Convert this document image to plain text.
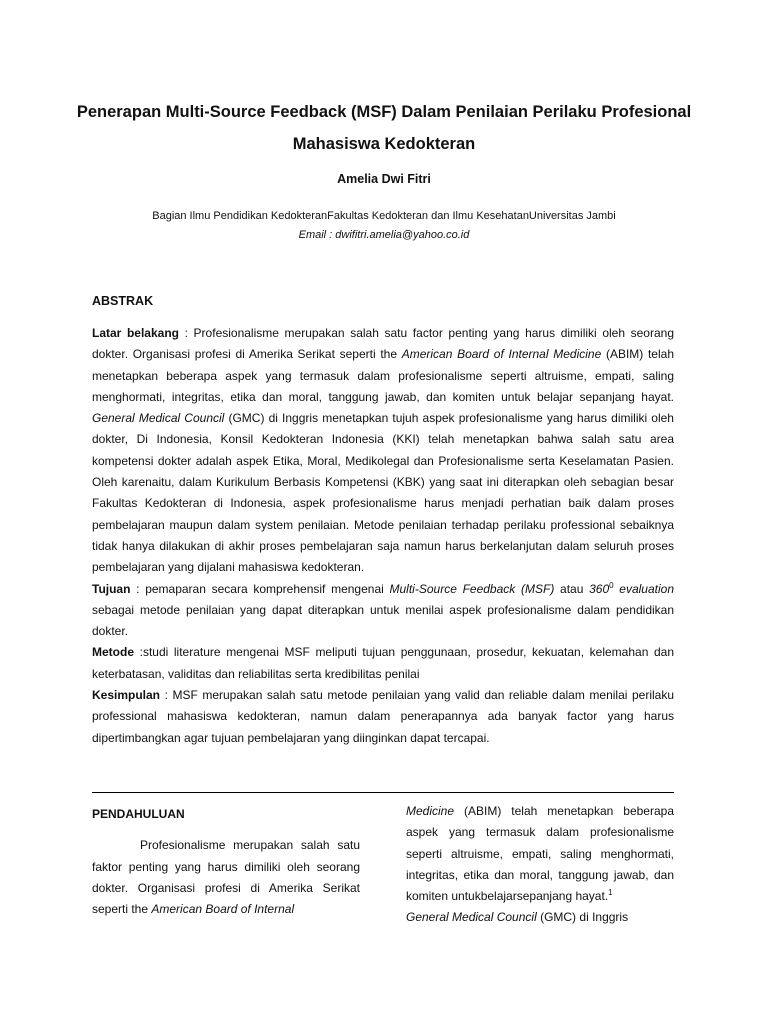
Penerapan Multi-Source Feedback (MSF) Dalam Penilaian Perilaku Profesional Mahasiswa Kedokteran
Amelia Dwi Fitri
Bagian Ilmu Pendidikan KedokteranFakultas Kedokteran dan Ilmu KesehatanUniversitas Jambi
Email : dwifitri.amelia@yahoo.co.id
ABSTRAK

Latar belakang : Profesionalisme merupakan salah satu factor penting yang harus dimiliki oleh seorang dokter. Organisasi profesi di Amerika Serikat seperti the American Board of Internal Medicine (ABIM) telah menetapkan beberapa aspek yang termasuk dalam profesionalisme seperti altruisme, empati, saling menghormati, integritas, etika dan moral, tanggung jawab, dan komiten untuk belajar sepanjang hayat. General Medical Council (GMC) di Inggris menetapkan tujuh aspek profesionalisme yang harus dimiliki oleh dokter, Di Indonesia, Konsil Kedokteran Indonesia (KKI) telah menetapkan bahwa salah satu area kompetensi dokter adalah aspek Etika, Moral, Medikolegal dan Profesionalisme serta Keselamatan Pasien. Oleh karenaitu, dalam Kurikulum Berbasis Kompetensi (KBK) yang saat ini diterapkan oleh sebagian besar Fakultas Kedokteran di Indonesia, aspek profesionalisme harus menjadi perhatian baik dalam proses pembelajaran maupun dalam system penilaian. Metode penilaian terhadap perilaku professional sebaiknya tidak hanya dilakukan di akhir proses pembelajaran saja namun harus berkelanjutan dalam seluruh proses pembelajaran yang dijalani mahasiswa kedokteran.

Tujuan : pemaparan secara komprehensif mengenai Multi-Source Feedback (MSF) atau $360^0$ evaluation sebagai metode penilaian yang dapat diterapkan untuk menilai aspek profesionalisme dalam pendidikan dokter.

Metode :studi literature mengenai MSF meliputi tujuan penggunaan, prosedur, kekuatan, kelemahan dan keterbatasan, validitas dan reliabilitas serta kredibilitas penilai

Kesimpulan : MSF merupakan salah satu metode penilaian yang valid dan reliable dalam menilai perilaku professional mahasiswa kedokteran, namun dalam penerapannya ada banyak factor yang harus dipertimbangkan agar tujuan pembelajaran yang diinginkan dapat tercapai.

PENDAHULUAN
Profesionalisme merupakan salah satu faktor penting yang harus dimiliki oleh seorang dokter. Organisasi profesi di Amerika Serikat seperti the American Board of Internal
Medicine (ABIM) telah menetapkan beberapa aspek yang termasuk dalam profesionalisme seperti altruisme, empati, saling menghormati, integritas, etika dan moral, tanggung jawab, dan komiten untukbelajarsepanjang hayat.$^1$
General Medical Council (GMC) di Inggris
